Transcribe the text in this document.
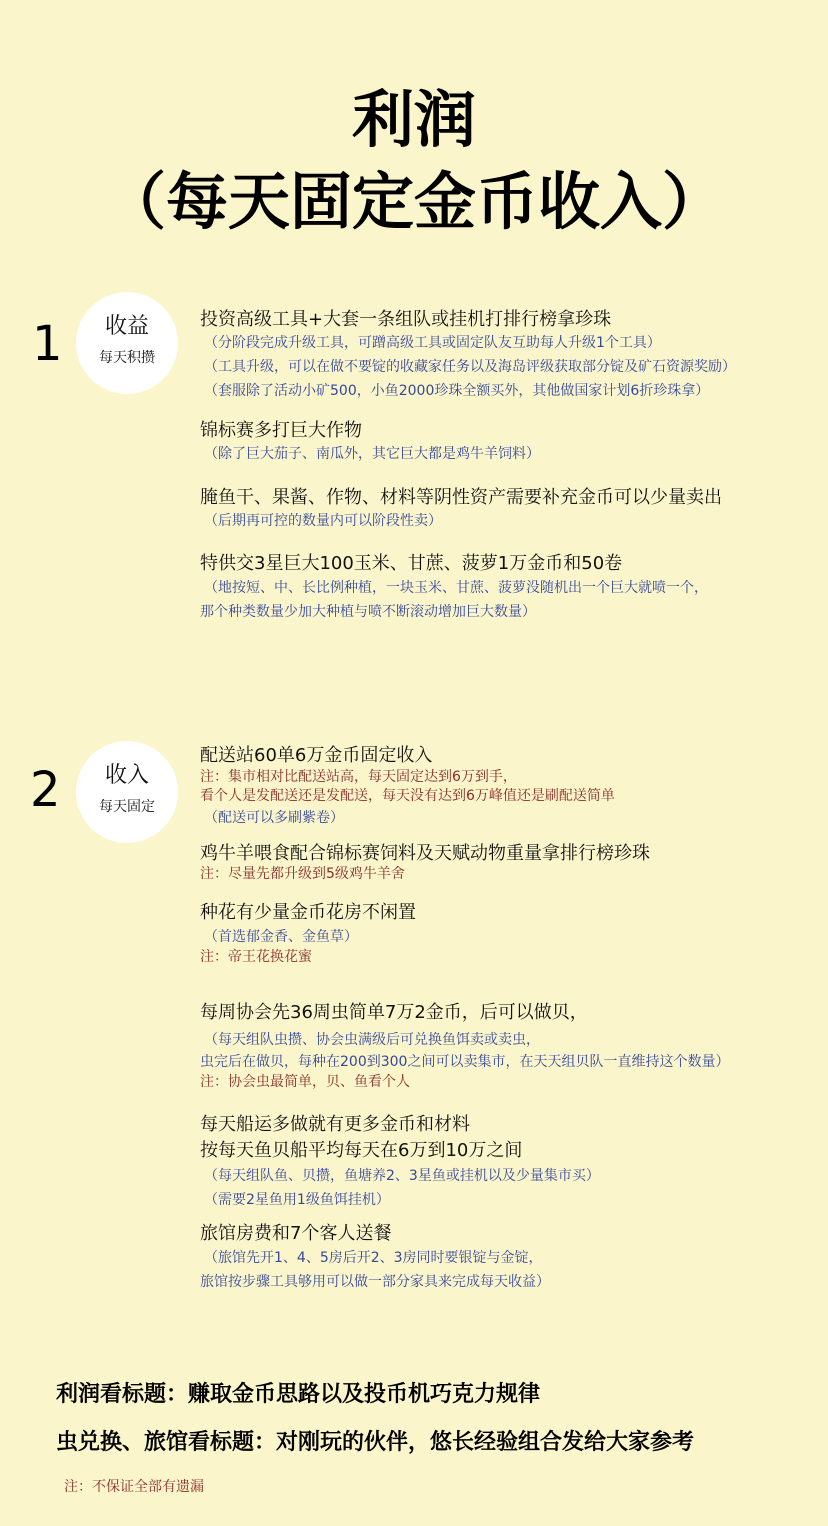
利润
（每天固定金币收入）
1	收益
每天积攒
投资高级工具+大套一条组队或挂机打排行榜拿珍珠
（分阶段完成升级工具，可蹭高级工具或固定队友互助每人升级1个工具）
（工具升级，可以在做不要锭的收藏家任务以及海岛评级获取部分锭及矿石资源奖励）
（套服除了活动小矿500，小鱼2000珍珠全额买外，其他做国家计划6折珍珠拿）
锦标赛多打巨大作物
（除了巨大茄子、南瓜外，其它巨大都是鸡牛羊饲料）
腌鱼干、果酱、作物、材料等阴性资产需要补充金币可以少量卖出
（后期再可控的数量内可以阶段性卖）
特供交3星巨大100玉米、甘蔗、菠萝1万金币和50卷
（地按短、中、长比例种植，一块玉米、甘蔗、菠萝没随机出一个巨大就喷一个，
那个种类数量少加大种植与喷不断滚动增加巨大数量）
2	收入
每天固定
配送站60单6万金币固定收入
注：集市相对比配送站高，每天固定达到6万到手，
看个人是发配送还是发配送，每天没有达到6万峰值还是刷配送简单
（配送可以多刷紫卷）
鸡牛羊喂食配合锦标赛饲料及天赋动物重量拿排行榜珍珠
注：尽量先都升级到5级鸡牛羊舍
种花有少量金币花房不闲置
（首选郁金香、金鱼草）
注：帝王花换花蜜
每周协会先36周虫简单7万2金币，后可以做贝，
（每天组队虫攒、协会虫满级后可兑换鱼饵卖或卖虫，
虫完后在做贝，每种在200到300之间可以卖集市，在天天组贝队一直维持这个数量）
注：协会虫最简单，贝、鱼看个人
每天船运多做就有更多金币和材料
按每天鱼贝船平均每天在6万到10万之间
（每天组队鱼、贝攒，鱼塘养2、3星鱼或挂机以及少量集市买）
（需要2星鱼用1级鱼饵挂机）
旅馆房费和7个客人送餐
（旅馆先开1、4、5房后开2、3房同时要银锭与金锭，
旅馆按步骤工具够用可以做一部分家具来完成每天收益）
利润看标题：赚取金币思路以及投币机巧克力规律
虫兑换、旅馆看标题：对刚玩的伙伴，悠长经验组合发给大家参考
注：不保证全部有遗漏
